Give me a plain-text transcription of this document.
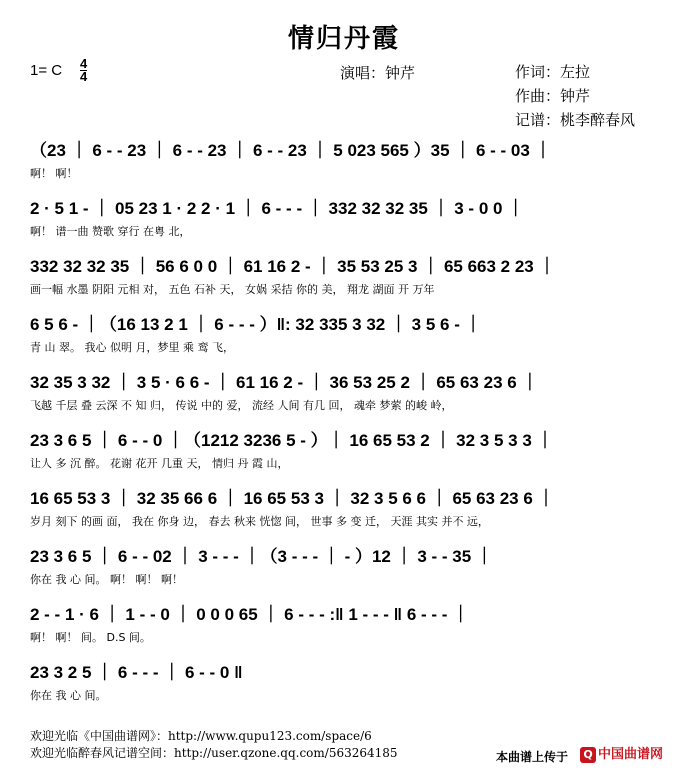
情归丹霞
1= C $\frac{4}{4}$	演唱：钟芹	作词：左拉
作曲：钟芹
记谱：桃李醉春风
（23 ｜ 6 - - 23 ｜ 6 - - 23 ｜ 6 - - 23 ｜ 5 023 565 ）35 ｜ 6 - - 03 ｜
啊！ 啊！
2 · 5 1 - ｜ 05 23 1 · 2 2 · 1 ｜ 6 - - - ｜ 332 32 32 35 ｜ 3 - 0 0 ｜
啊！ 谱一曲 赞歌 穿行 在粤 北，
332 32 32 35 ｜ 56 6 0 0 ｜ 61 16 2 - ｜ 35 53 25 3 ｜ 65 663 2 23 ｜
画一幅 水墨 阴阳 元相 对， 五色 石补 天， 女娲 采拮 你的 美， 翔龙 湖面 开 万年
6 5 6 - ｜（16 13 2 1 ｜ 6 - - - ）‖: 32 335 3 32 ｜ 3 5 6 - ｜
青 山 翠。 我心 似明 月，梦里 乘 鸾 飞，
32 35 3 32 ｜ 3 5 · 6 6 - ｜ 61 16 2 - ｜ 36 53 25 2 ｜ 65 63 23 6 ｜
飞越 千层 叠 云深 不 知 归， 传说 中的 爱， 流经 人间 有几 回， 魂牵 梦萦 的峻 岭，
23 3 6 5 ｜ 6 - - 0 ｜（1212 3236 5 - ）｜ 16 65 53 2 ｜ 32 3 5 3 3 ｜
让人 多 沉 醉。 花谢 花开 几重 天， 情归 丹 霞 山，
16 65 53 3 ｜ 32 35 66 6 ｜ 16 65 53 3 ｜ 32 3 5 6 6 ｜ 65 63 23 6 ｜
岁月 刻下 的画 面， 我在 你身 边， 春去 秋来 恍惚 间， 世事 多 变 迁， 天涯 其实 并不 远，
23 3 6 5 ｜ 6 - - 02 ｜ 3 - - - ｜（3 - - - ｜ - ）12 ｜ 3 - - 35 ｜
你在 我 心 间。 啊！ 啊！ 啊！
2 - - 1 · 6 ｜ 1 - - 0 ｜ 0 0 0 65 ｜ 6 - - - :‖ 1 - - - ‖ 6 - - - ｜
啊！ 啊！ 间。 D.S 间。
23 3 2 5 ｜ 6 - - - ｜ 6 - - 0 ‖
你在 我 心 间。
欢迎光临《中国曲谱网》：http://www.qupu123.com/space/6
欢迎光临醉春风记谱空间：http://user.qzone.qq.com/563264185	本曲谱上传于	Q 中国曲谱网
